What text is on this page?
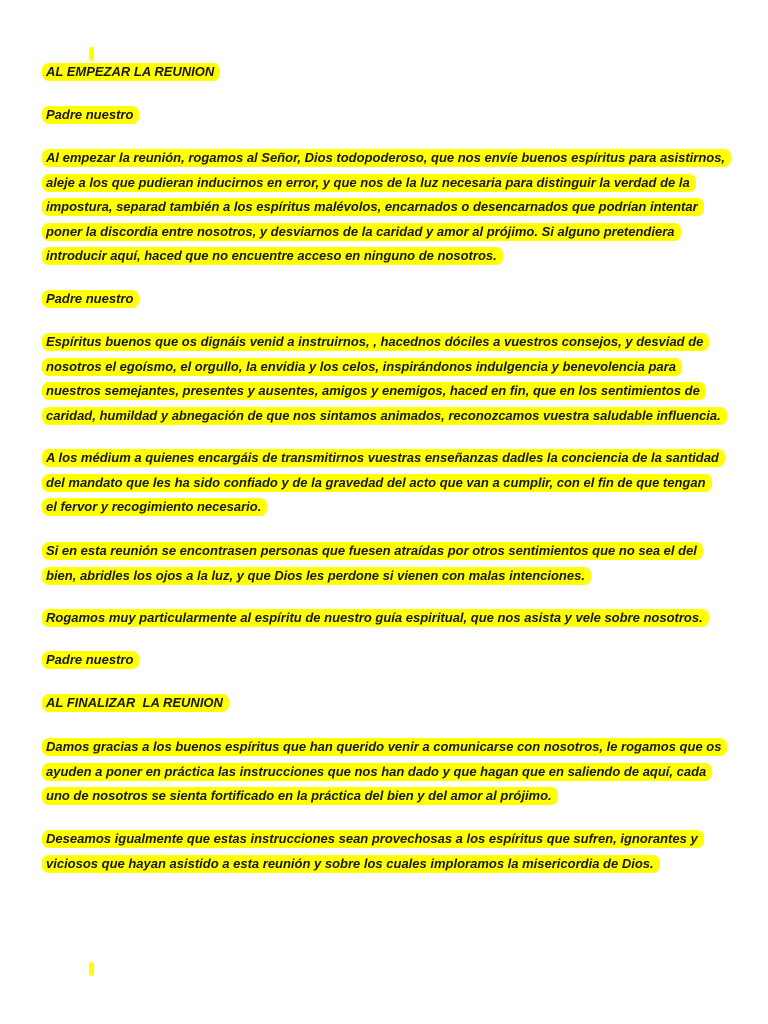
AL EMPEZAR LA REUNION

Padre nuestro

Al empezar la reunión, rogamos al Señor, Dios todopoderoso, que nos envíe buenos espíritus para asistirnos,
aleje a los que pudieran inducirnos en error, y que nos de la luz necesaria para distinguir la verdad de la
impostura, separad también a los espíritus malévolos, encarnados o desencarnados que podrían intentar
poner la discordia entre nosotros, y desviarnos de la caridad y amor al prójimo. Si alguno pretendiera
introducir aquí, haced que no encuentre acceso en ninguno de nosotros.

Padre nuestro

Espíritus buenos que os dignáis venid a instruirnos, , hacednos dóciles a vuestros consejos, y desviad de
nosotros el egoísmo, el orgullo, la envidia y los celos, inspirándonos indulgencia y benevolencia para
nuestros semejantes, presentes y ausentes, amigos y enemigos, haced en fin, que en los sentimientos de
caridad, humildad y abnegación de que nos sintamos animados, reconozcamos vuestra saludable influencia.

A los médium a quienes encargáis de transmitirnos vuestras enseñanzas dadles la conciencia de la santidad
del mandato que les ha sido confiado y de la gravedad del acto que van a cumplir, con el fin de que tengan
el fervor y recogimiento necesario.

Si en esta reunión se encontrasen personas que fuesen atraídas por otros sentimientos que no sea el del
bien, abridles los ojos a la luz, y que Dios les perdone si vienen con malas intenciones.

Rogamos muy particularmente al espíritu de nuestro guía espiritual, que nos asista y vele sobre nosotros.

Padre nuestro

AL FINALIZAR  LA REUNION

Damos gracias a los buenos espíritus que han querido venir a comunicarse con nosotros, le rogamos que os
ayuden a poner en práctica las instrucciones que nos han dado y que hagan que en saliendo de aquí, cada
uno de nosotros se sienta fortificado en la práctica del bien y del amor al prójimo.

Deseamos igualmente que estas instrucciones sean provechosas a los espíritus que sufren, ignorantes y
viciosos que hayan asistido a esta reunión y sobre los cuales imploramos la misericordia de Dios.
